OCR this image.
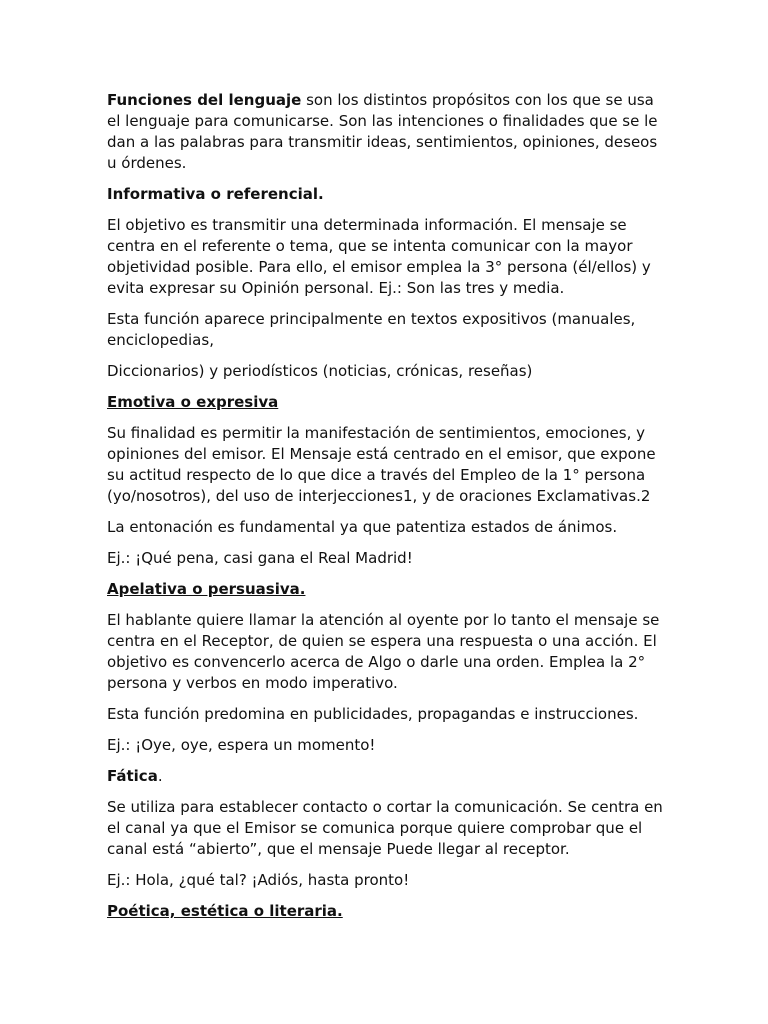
Funciones del lenguaje son los distintos propósitos con los que se usa el lenguaje para comunicarse. Son las intenciones o finalidades que se le dan a las palabras para transmitir ideas, sentimientos, opiniones, deseos u órdenes.

Informativa o referencial.

El objetivo es transmitir una determinada información. El mensaje se centra en el referente o tema, que se intenta comunicar con la mayor objetividad posible. Para ello, el emisor emplea la 3° persona (él/ellos) y evita expresar su Opinión personal. Ej.: Son las tres y media.

Esta función aparece principalmente en textos expositivos (manuales, enciclopedias,

Diccionarios) y periodísticos (noticias, crónicas, reseñas)

Emotiva o expresiva

Su finalidad es permitir la manifestación de sentimientos, emociones, y opiniones del emisor. El Mensaje está centrado en el emisor, que expone su actitud respecto de lo que dice a través del Empleo de la 1° persona (yo/nosotros), del uso de interjecciones1, y de oraciones Exclamativas.2

La entonación es fundamental ya que patentiza estados de ánimos.

Ej.: ¡Qué pena, casi gana el Real Madrid!

Apelativa o persuasiva.

El hablante quiere llamar la atención al oyente por lo tanto el mensaje se centra en el Receptor, de quien se espera una respuesta o una acción. El objetivo es convencerlo acerca de Algo o darle una orden. Emplea la 2° persona y verbos en modo imperativo.

Esta función predomina en publicidades, propagandas e instrucciones.

Ej.: ¡Oye, oye, espera un momento!

Fática.

Se utiliza para establecer contacto o cortar la comunicación. Se centra en el canal ya que el Emisor se comunica porque quiere comprobar que el canal está “abierto”, que el mensaje Puede llegar al receptor.

Ej.: Hola, ¿qué tal? ¡Adiós, hasta pronto!

Poética, estética o literaria.
